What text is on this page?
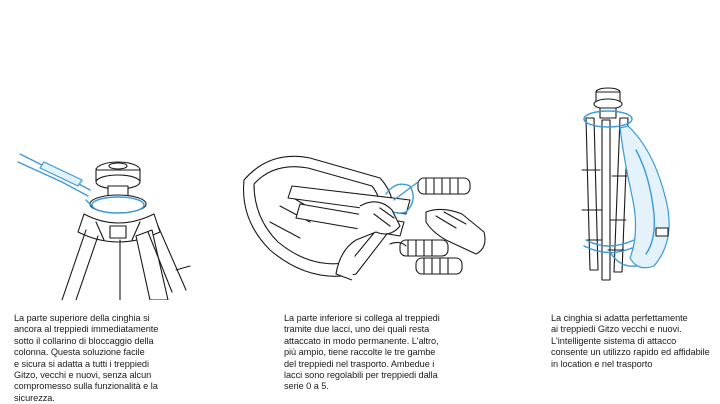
La parte superiore della cinghia si
ancora al treppiedi immediatamente
sotto il collarino di bloccaggio della
colonna. Questa soluzione facile
e sicura si adatta a tutti i treppiedi
Gitzo, vecchi e nuovi, senza alcun
compromesso sulla funzionalità e la
sicurezza.
La parte inferiore si collega al treppiedi
tramite due lacci, uno dei quali resta
attaccato in modo permanente. L'altro,
più ampio, tiene raccolte le tre gambe
del treppiedi nel trasporto. Ambedue i
lacci sono regolabili per treppiedi dalla
serie 0 a 5.
La cinghia si adatta perfettamente
ai treppiedi Gitzo vecchi e nuovi.
L'intelligente sistema di attacco
consente un utilizzo rapido ed affidabile
in location e nel trasporto
